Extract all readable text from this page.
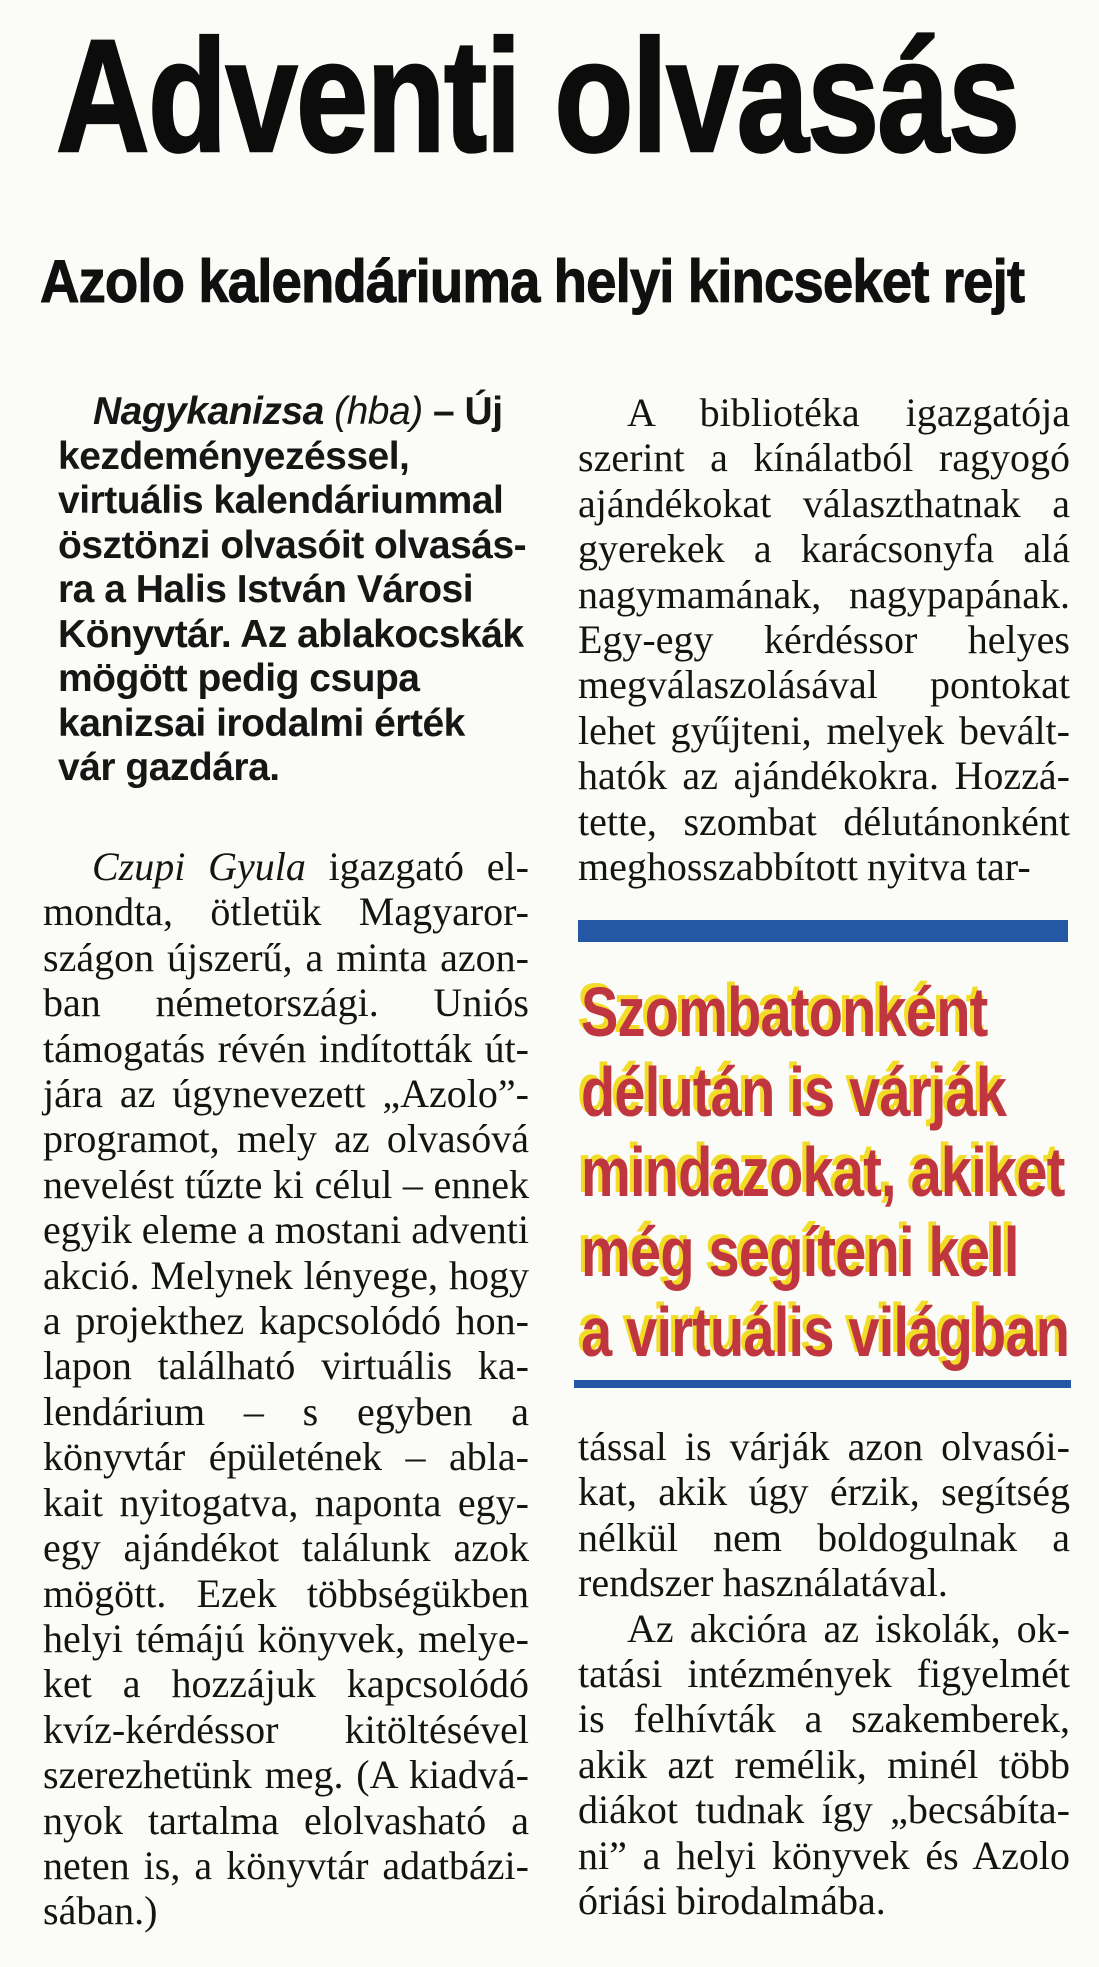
Adventi olvasás
Azolo kalendáriuma helyi kincseket rejt
Nagykanizsa (hba) – Új
kezdeményezéssel,
virtuális kalendáriummal
ösztönzi olvasóit olvasás-
ra a Halis István Városi
Könyvtár. Az ablakocskák
mögött pedig csupa
kanizsai irodalmi érték
vár gazdára.
Czupi Gyula igazgató el-
mondta, ötletük Magyaror-
szágon újszerű, a minta azon-
ban németországi. Uniós
támogatás révén indították út-
jára az úgynevezett „Azolo”-
programot, mely az olvasóvá
nevelést tűzte ki célul – ennek
egyik eleme a mostani adventi
akció. Melynek lényege, hogy
a projekthez kapcsolódó hon-
lapon található virtuális ka-
lendárium – s egyben a
könyvtár épületének – abla-
kait nyitogatva, naponta egy-
egy ajándékot találunk azok
mögött. Ezek többségükben
helyi témájú könyvek, melye-
ket a hozzájuk kapcsolódó
kvíz-kérdéssor kitöltésével
szerezhetünk meg. (A kiadvá-
nyok tartalma elolvasható a
neten is, a könyvtár adatbázi-
sában.)
A bibliotéka igazgatója
szerint a kínálatból ragyogó
ajándékokat választhatnak a
gyerekek a karácsonyfa alá
nagymamának, nagypapának.
Egy-egy kérdéssor helyes
megválaszolásával pontokat
lehet gyűjteni, melyek bevált-
hatók az ajándékokra. Hozzá-
tette, szombat délutánonként
meghosszabbított nyitva tar-
Szombatonként
délután is várják
mindazokat, akiket
még segíteni kell
a virtuális világban
tással is várják azon olvasói-
kat, akik úgy érzik, segítség
nélkül nem boldogulnak a
rendszer használatával.
Az akcióra az iskolák, ok-
tatási intézmények figyelmét
is felhívták a szakemberek,
akik azt remélik, minél több
diákot tudnak így „becsábíta-
ni” a helyi könyvek és Azolo
óriási birodalmába.
